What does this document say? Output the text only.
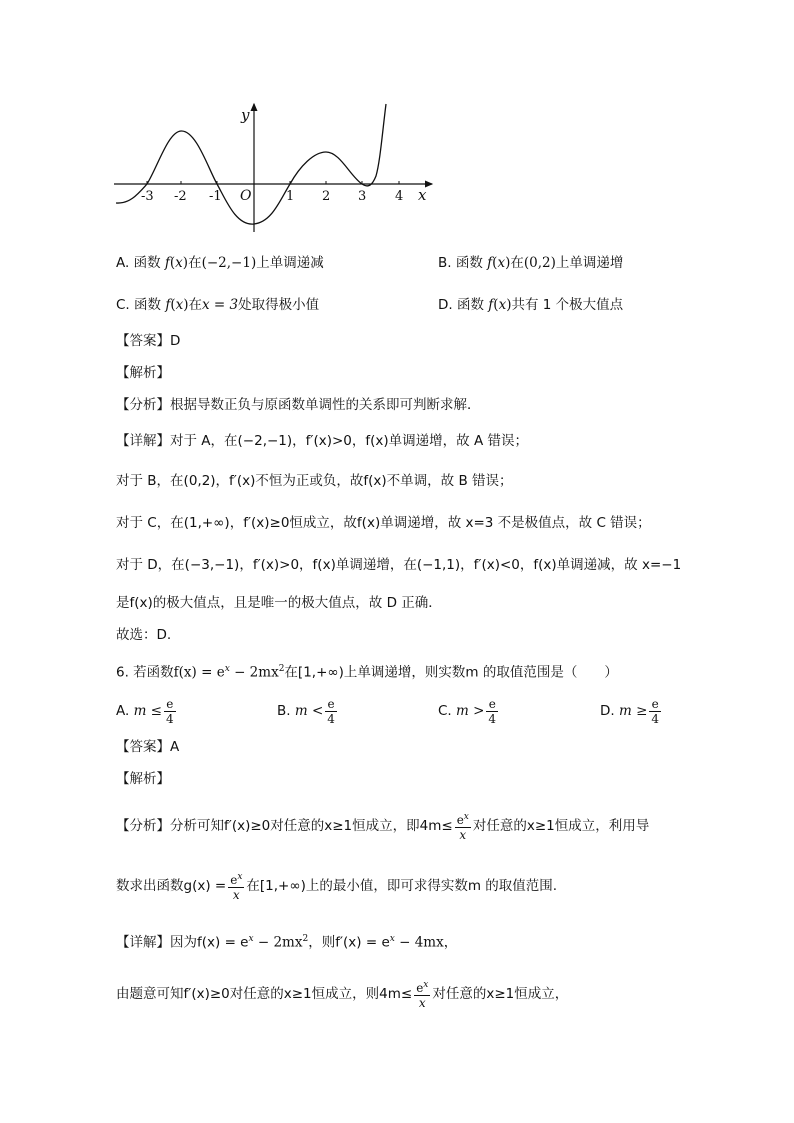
y
x
O
-3 -2 -1	1 2 3 4
A. 函数 f(x)在(−2,−1)上单调递减	B. 函数 f(x)在(0,2)上单调递增
C. 函数 f(x)在x = 3处取得极小值	D. 函数 f(x)共有 1 个极大值点
【答案】D
【解析】
【分析】根据导数正负与原函数单调性的关系即可判断求解．
【详解】对于 A，在(−2,−1)，f′(x)>0，f(x)单调递增，故 A 错误；
对于 B，在(0,2)，f′(x)不恒为正或负，故f(x)不单调，故 B 错误；
对于 C，在(1,+∞)，f′(x)≥0恒成立，故f(x)单调递增，故 x=3 不是极值点，故 C 错误；
对于 D，在(−3,−1)，f′(x)>0，f(x)单调递增，在(−1,1)，f′(x)<0，f(x)单调递减，故 x=−1
是f(x)的极大值点，且是唯一的极大值点，故 D 正确．
故选：D.
6. 若函数$f(x) = e^x - 2mx^2$在[1,+∞)上单调递增，则实数m 的取值范围是（　　）
A. $m \le \frac{e}{4}$	B. $m < \frac{e}{4}$	C. $m > \frac{e}{4}$	D. $m \ge \frac{e}{4}$
【答案】A
【解析】
【分析】分析可知f′(x)≥0对任意的x≥1恒成立，即$4m\le \frac{e^x}{x}$ 对任意的x≥1恒成立，利用导
数求出函数$g(x) = \frac{e^x}{x}$ 在[1,+∞)上的最小值，即可求得实数m 的取值范围.
【详解】因为$f(x) = e^x - 2mx^2$，则$f'(x) = e^x - 4mx$，
由题意可知f′(x)≥0对任意的x≥1恒成立，则$4m\le \frac{e^x}{x}$ 对任意的x≥1恒成立，
